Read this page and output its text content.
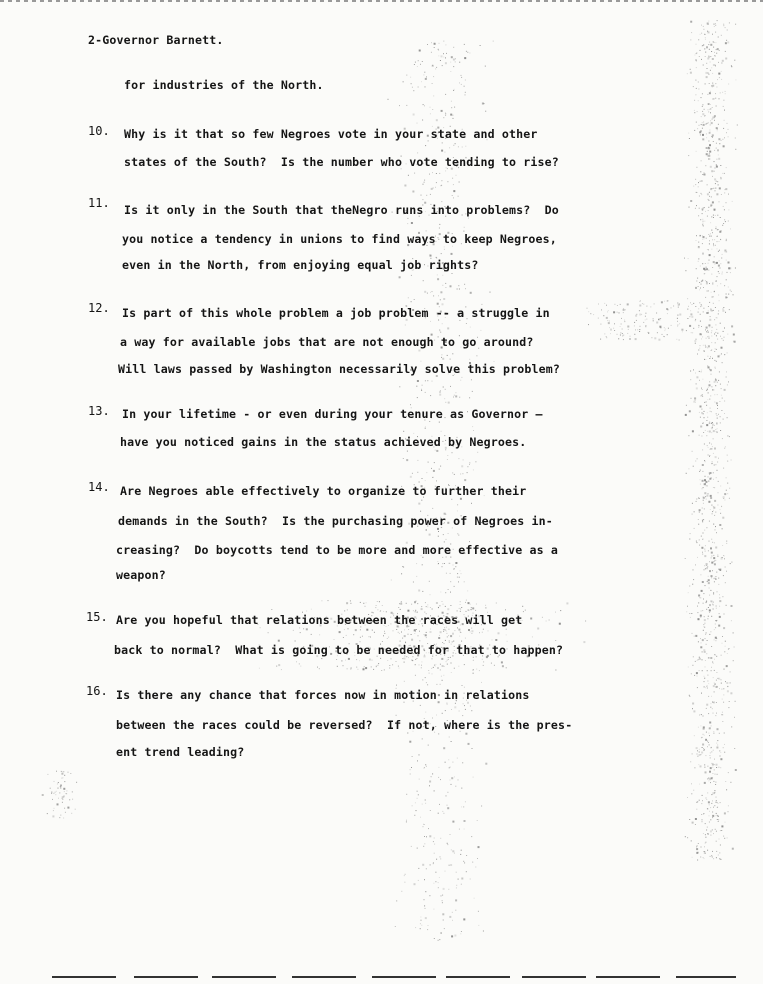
2-Governor Barnett.
for industries of the North.
10. Why is it that so few Negroes vote in your state and other
states of the South?  Is the number who vote tending to rise?
11. Is it only in the South that theNegro runs into problems?  Do
you notice a tendency in unions to find ways to keep Negroes,
even in the North, from enjoying equal job rights?
12. Is part of this whole problem a job problem -- a struggle in
a way for available jobs that are not enough to go around?
Will laws passed by Washington necessarily solve this problem?
13. In your lifetime - or even during your tenure as Governor —
have you noticed gains in the status achieved by Negroes.
14. Are Negroes able effectively to organize to further their
demands in the South?  Is the purchasing power of Negroes in-
creasing?  Do boycotts tend to be more and more effective as a
weapon?
15. Are you hopeful that relations between the races will get
back to normal?  What is going to be needed for that to happen?
16. Is there any chance that forces now in motion in relations
between the races could be reversed?  If not, where is the pres-
ent trend leading?
